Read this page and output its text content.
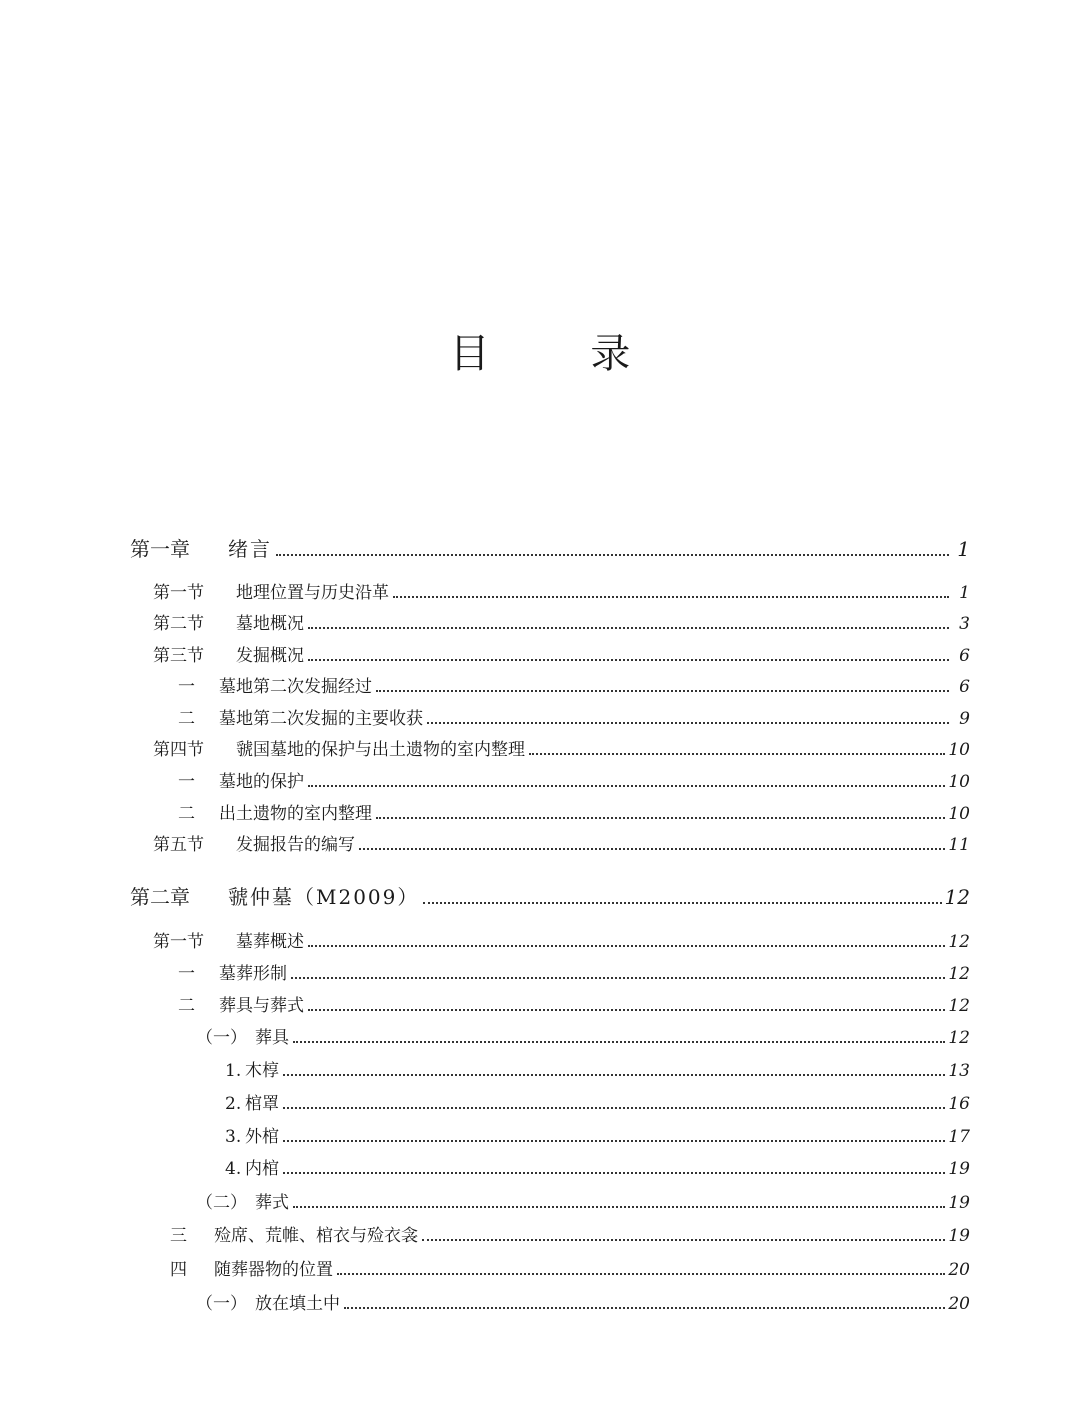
目 录
第一章	绪言	1
第一节	地理位置与历史沿革	1
第二节	墓地概况	3
第三节	发掘概况	6
一	墓地第二次发掘经过	6
二	墓地第二次发掘的主要收获	9
第四节	虢国墓地的保护与出土遗物的室内整理	10
一	墓地的保护	10
二	出土遗物的室内整理	10
第五节	发掘报告的编写	11
第二章	虢仲墓（M2009）	12
第一节	墓葬概述	12
一	墓葬形制	12
二	葬具与葬式	12
（一） 葬具	12
1. 木椁	13
2. 棺罩	16
3. 外棺	17
4. 内棺	19
（二） 葬式	19
三	殓席、荒帷、棺衣与殓衣衾	19
四	随葬器物的位置	20
（一） 放在填土中	20
